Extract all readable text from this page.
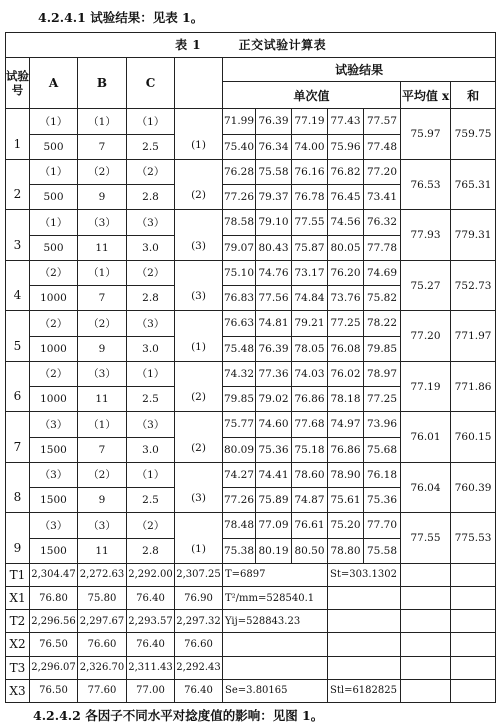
4.2.4.1 试验结果：见表 1。
表 1　　　正交试验计算表											
试验号	A	B	C		试验结果						
					单次值					平均值 x	和
1	（1）	（1）	（1）	(1)	71.99	76.39	77.19	77.43	77.57	75.97	759.75
	500	7	2.5		75.40	76.34	74.00	75.96	77.48		
2	（1）	（2）	（2）	(2)	76.28	75.58	76.16	76.82	77.20	76.53	765.31
	500	9	2.8		77.26	79.37	76.78	76.45	73.41		
3	（1）	（3）	（3）	(3)	78.58	79.10	77.55	74.56	76.32	77.93	779.31
	500	11	3.0		79.07	80.43	75.87	80.05	77.78		
4	（2）	（1）	（2）	(3)	75.10	74.76	73.17	76.20	74.69	75.27	752.73
	1000	7	2.8		76.83	77.56	74.84	73.76	75.82		
5	（2）	（2）	（3）	(1)	76.63	74.81	79.21	77.25	78.22	77.20	771.97
	1000	9	3.0		75.48	76.39	78.05	76.08	79.85		
6	（2）	（3）	（1）	(2)	74.32	77.36	74.03	76.02	78.97	77.19	771.86
	1000	11	2.5		79.85	79.02	76.86	78.18	77.25		
7	（3）	（1）	（3）	(2)	75.77	74.60	77.68	74.97	73.96	76.01	760.15
	1500	7	3.0		80.09	75.36	75.18	76.86	75.68		
8	（3）	（2）	（1）	(3)	74.27	74.41	78.60	78.90	76.18	76.04	760.39
	1500	9	2.5		77.26	75.89	74.87	75.61	75.36		
9	（3）	（3）	（2）	(1)	78.48	77.09	76.61	75.20	77.70	77.55	775.53
	1500	11	2.8		75.38	80.19	80.50	78.80	75.58		
T1	2,304.47	2,272.63	2,292.00	2,307.25	T=6897			St=303.1302			
X1	76.80	75.80	76.40	76.90	T²/mm=528540.1						
T2	2,296.56	2,297.67	2,293.57	2,297.32	Yij=528843.23						
X2	76.50	76.60	76.40	76.60							
T3	2,296.07	2,326.70	2,311.43	2,292.43							
X3	76.50	77.60	77.00	76.40	Se=3.80165			Stl=6182825			
4.2.4.2 各因子不同水平对捻度值的影响：见图 1。
